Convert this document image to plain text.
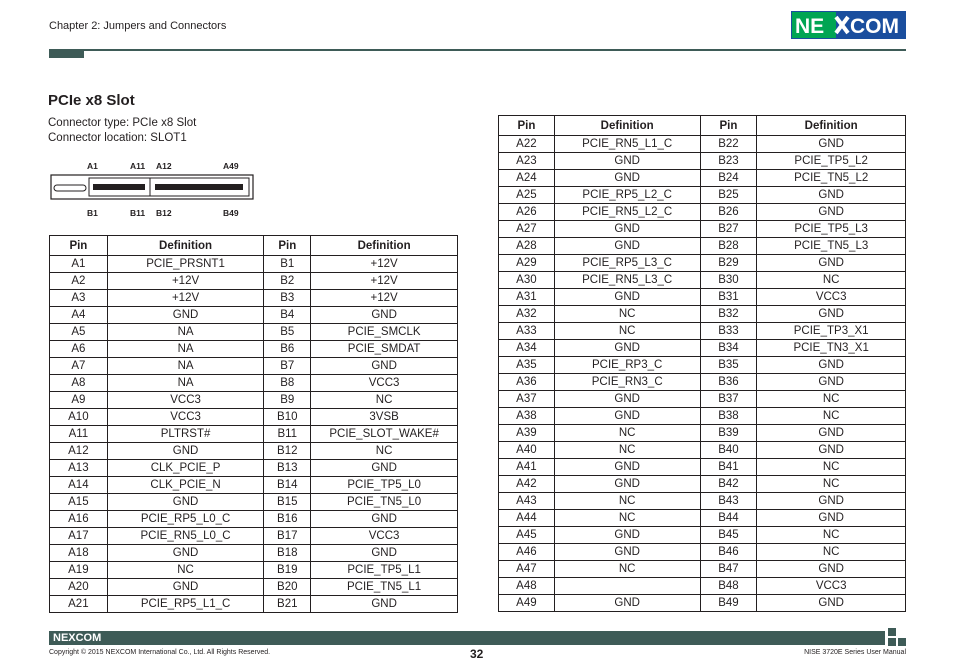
Chapter 2: Jumpers and Connectors	NE COM
PCIe x8 Slot
Connector type: PCIe x8 Slot
Connector location: SLOT1
A1	A11 A12	A49
B1	B11 B12	B49
Pin	Definition	Pin	Definition
A1	PCIE_PRSNT1	B1	+12V
A2	+12V	B2	+12V
A3	+12V	B3	+12V
A4	GND	B4	GND
A5	NA	B5	PCIE_SMCLK
A6	NA	B6	PCIE_SMDAT
A7	NA	B7	GND
A8	NA	B8	VCC3
A9	VCC3	B9	NC
A10	VCC3	B10	3VSB
A11	PLTRST#	B11	PCIE_SLOT_WAKE#
A12	GND	B12	NC
A13	CLK_PCIE_P	B13	GND
A14	CLK_PCIE_N	B14	PCIE_TP5_L0
A15	GND	B15	PCIE_TN5_L0
A16	PCIE_RP5_L0_C	B16	GND
A17	PCIE_RN5_L0_C	B17	VCC3
A18	GND	B18	GND
A19	NC	B19	PCIE_TP5_L1
A20	GND	B20	PCIE_TN5_L1
A21	PCIE_RP5_L1_C	B21	GND
Pin	Definition	Pin	Definition
A22	PCIE_RN5_L1_C	B22	GND
A23	GND	B23	PCIE_TP5_L2
A24	GND	B24	PCIE_TN5_L2
A25	PCIE_RP5_L2_C	B25	GND
A26	PCIE_RN5_L2_C	B26	GND
A27	GND	B27	PCIE_TP5_L3
A28	GND	B28	PCIE_TN5_L3
A29	PCIE_RP5_L3_C	B29	GND
A30	PCIE_RN5_L3_C	B30	NC
A31	GND	B31	VCC3
A32	NC	B32	GND
A33	NC	B33	PCIE_TP3_X1
A34	GND	B34	PCIE_TN3_X1
A35	PCIE_RP3_C	B35	GND
A36	PCIE_RN3_C	B36	GND
A37	GND	B37	NC
A38	GND	B38	NC
A39	NC	B39	GND
A40	NC	B40	GND
A41	GND	B41	NC
A42	GND	B42	NC
A43	NC	B43	GND
A44	NC	B44	GND
A45	GND	B45	NC
A46	GND	B46	NC
A47	NC	B47	GND
A48		B48	VCC3
A49	GND	B49	GND
NEXCOM
Copyright © 2015 NEXCOM International Co., Ltd. All Rights Reserved.	32	NISE 3720E Series User Manual
